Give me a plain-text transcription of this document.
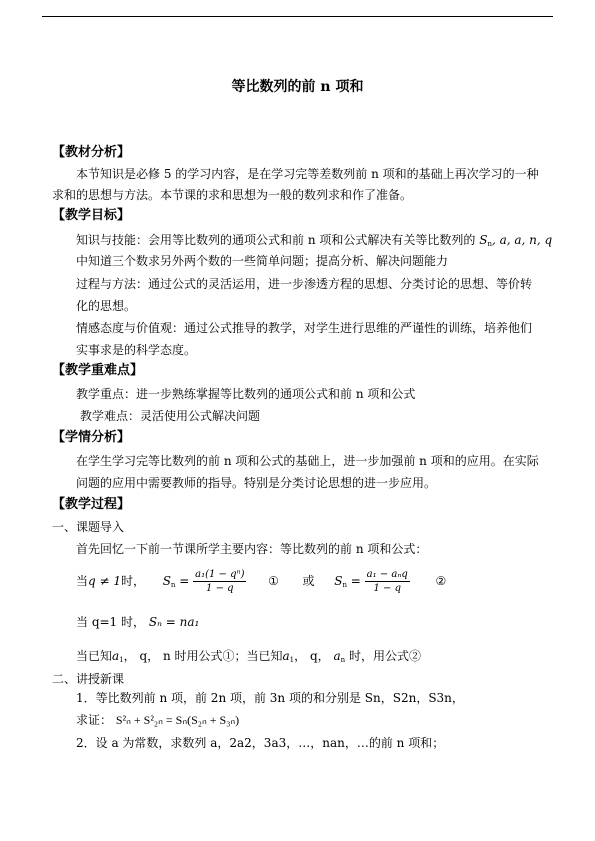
等比数列的前 n 项和
【教材分析】
本节知识是必修 5 的学习内容，是在学习完等差数列前 n 项和的基础上再次学习的一种
求和的思想与方法。本节课的求和思想为一般的数列求和作了准备。
【教学目标】
知识与技能：会用等比数列的通项公式和前 n 项和公式解决有关等比数列的 $S_n$, a, a, n, q
中知道三个数求另外两个数的一些简单问题；提高分析、解决问题能力
过程与方法：通过公式的灵活运用，进一步渗透方程的思想、分类讨论的思想、等价转
化的思想。
情感态度与价值观：通过公式推导的教学，对学生进行思维的严谨性的训练，培养他们
实事求是的科学态度。
【教学重难点】
教学重点：进一步熟练掌握等比数列的通项公式和前 n 项和公式
教学难点：灵活使用公式解决问题
【学情分析】
在学生学习完等比数列的前 n 项和公式的基础上，进一步加强前 n 项和的应用。在实际
问题的应用中需要教师的指导。特别是分类讨论思想的进一步应用。
【教学过程】
一、课题导入
首先回忆一下前一节课所学主要内容：等比数列的前 n 项和公式：
当q ≠ 1时， $S_n = \frac{\text{a₁(1 − qⁿ)}}{1 - q}$ ① 或 $S_n = \frac{\text{a₁ − aₙq}}{1 - q}$ ②
当 q=1 时， Sₙ = na₁
当已知$a_1$， q， n 时用公式①；当已知$a_1$， q， $a_n$ 时，用公式②
二、讲授新课
1．等比数列前 n 项，前 2n 项，前 3n 项的和分别是 Sn，S2n，S3n，
求证： S²ₙ + S²₂ₙ = Sₙ(S₂ₙ + S₃ₙ)
2．设 a 为常数，求数列 a，2a2，3a3，…，nan，…的前 n 项和；
